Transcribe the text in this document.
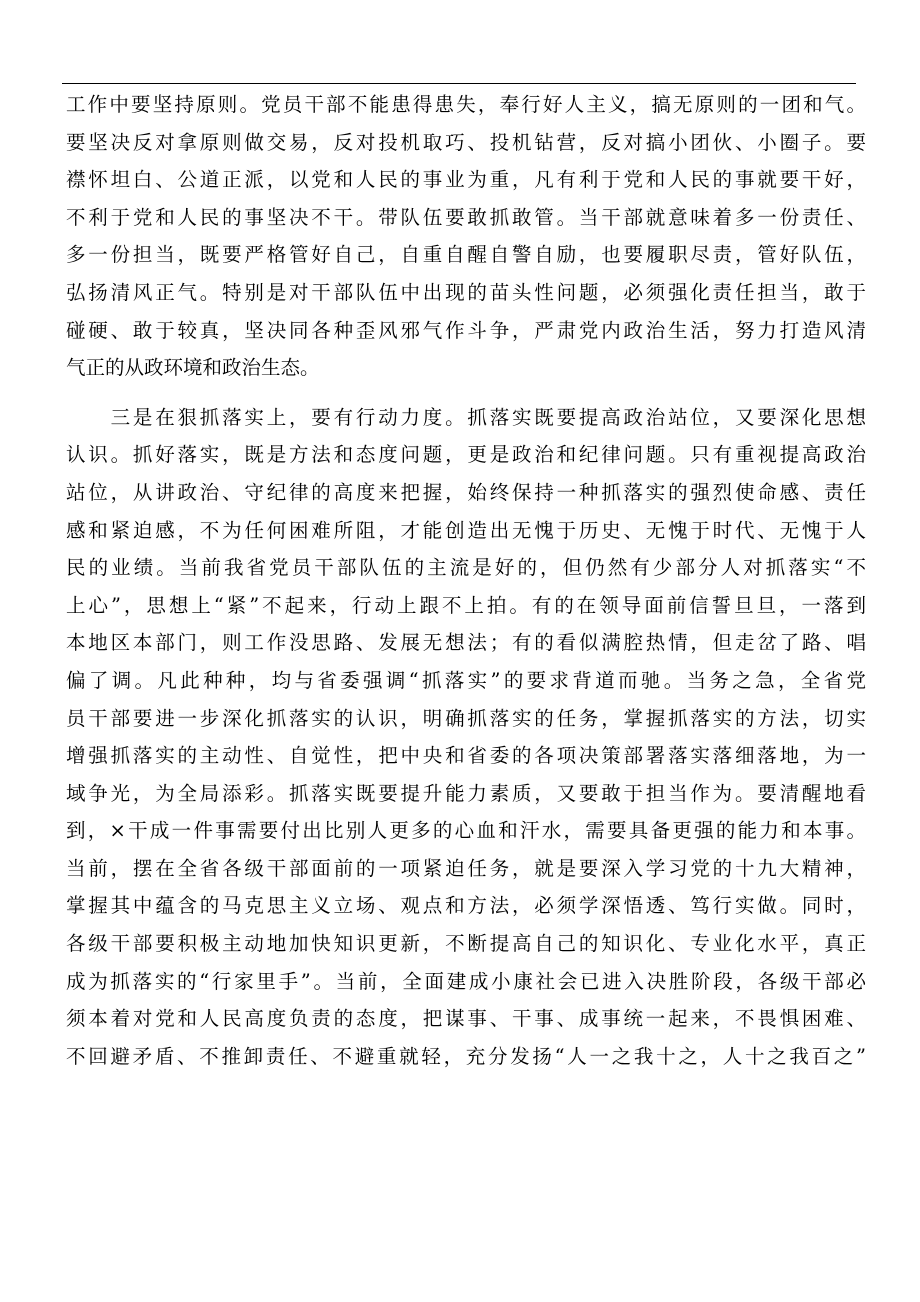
工作中要坚持原则。党员干部不能患得患失，奉行好人主义，搞无原则的一团和气。
要坚决反对拿原则做交易，反对投机取巧、投机钻营，反对搞小团伙、小圈子。要
襟怀坦白、公道正派，以党和人民的事业为重，凡有利于党和人民的事就要干好，
不利于党和人民的事坚决不干。带队伍要敢抓敢管。当干部就意味着多一份责任、
多一份担当，既要严格管好自己，自重自醒自警自励，也要履职尽责，管好队伍，
弘扬清风正气。特别是对干部队伍中出现的苗头性问题，必须强化责任担当，敢于
碰硬、敢于较真，坚决同各种歪风邪气作斗争，严肃党内政治生活，努力打造风清
气正的从政环境和政治生态。
　　三是在狠抓落实上，要有行动力度。抓落实既要提高政治站位，又要深化思想
认识。抓好落实，既是方法和态度问题，更是政治和纪律问题。只有重视提高政治
站位，从讲政治、守纪律的高度来把握，始终保持一种抓落实的强烈使命感、责任
感和紧迫感，不为任何困难所阻，才能创造出无愧于历史、无愧于时代、无愧于人
民的业绩。当前我省党员干部队伍的主流是好的，但仍然有少部分人对抓落实“不
上心”，思想上“紧”不起来，行动上跟不上拍。有的在领导面前信誓旦旦，一落到
本地区本部门，则工作没思路、发展无想法；有的看似满腔热情，但走岔了路、唱
偏了调。凡此种种，均与省委强调“抓落实”的要求背道而驰。当务之急，全省党
员干部要进一步深化抓落实的认识，明确抓落实的任务，掌握抓落实的方法，切实
增强抓落实的主动性、自觉性，把中央和省委的各项决策部署落实落细落地，为一
域争光，为全局添彩。抓落实既要提升能力素质，又要敢于担当作为。要清醒地看
到，×干成一件事需要付出比别人更多的心血和汗水，需要具备更强的能力和本事。
当前，摆在全省各级干部面前的一项紧迫任务，就是要深入学习党的十九大精神，
掌握其中蕴含的马克思主义立场、观点和方法，必须学深悟透、笃行实做。同时，
各级干部要积极主动地加快知识更新，不断提高自己的知识化、专业化水平，真正
成为抓落实的“行家里手”。当前，全面建成小康社会已进入决胜阶段，各级干部必
须本着对党和人民高度负责的态度，把谋事、干事、成事统一起来，不畏惧困难、
不回避矛盾、不推卸责任、不避重就轻，充分发扬“人一之我十之，人十之我百之”
